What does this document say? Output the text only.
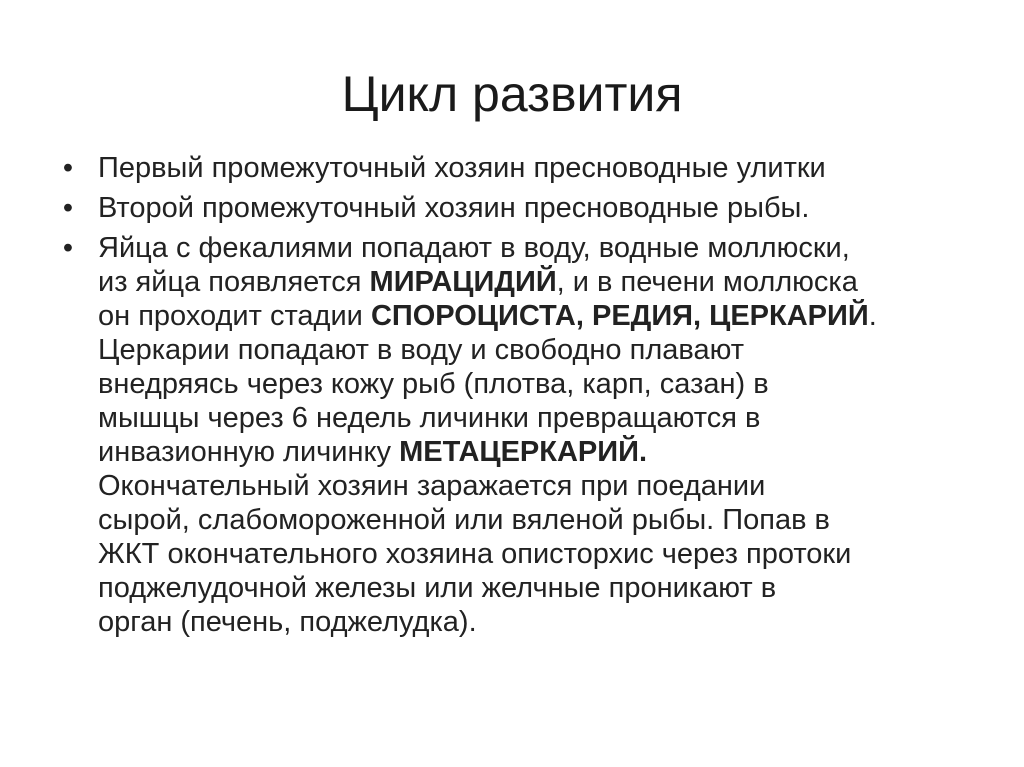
Цикл развития
• Первый промежуточный хозяин пресноводные улитки
• Второй промежуточный хозяин пресноводные рыбы.
• Яйца с фекалиями попадают в воду, водные моллюски,
из яйца появляется МИРАЦИДИЙ, и в печени моллюска
он проходит стадии СПОРОЦИСТА, РЕДИЯ, ЦЕРКАРИЙ.
Церкарии попадают в воду и свободно плавают
внедряясь через кожу рыб (плотва, карп, сазан) в
мышцы через 6 недель личинки превращаются в
инвазионную личинку МЕТАЦЕРКАРИЙ.
Окончательный хозяин заражается при поедании
сырой, слабомороженной или вяленой рыбы. Попав в
ЖКТ окончательного хозяина описторхис через протоки
поджелудочной железы или желчные проникают в
орган (печень, поджелудка).
